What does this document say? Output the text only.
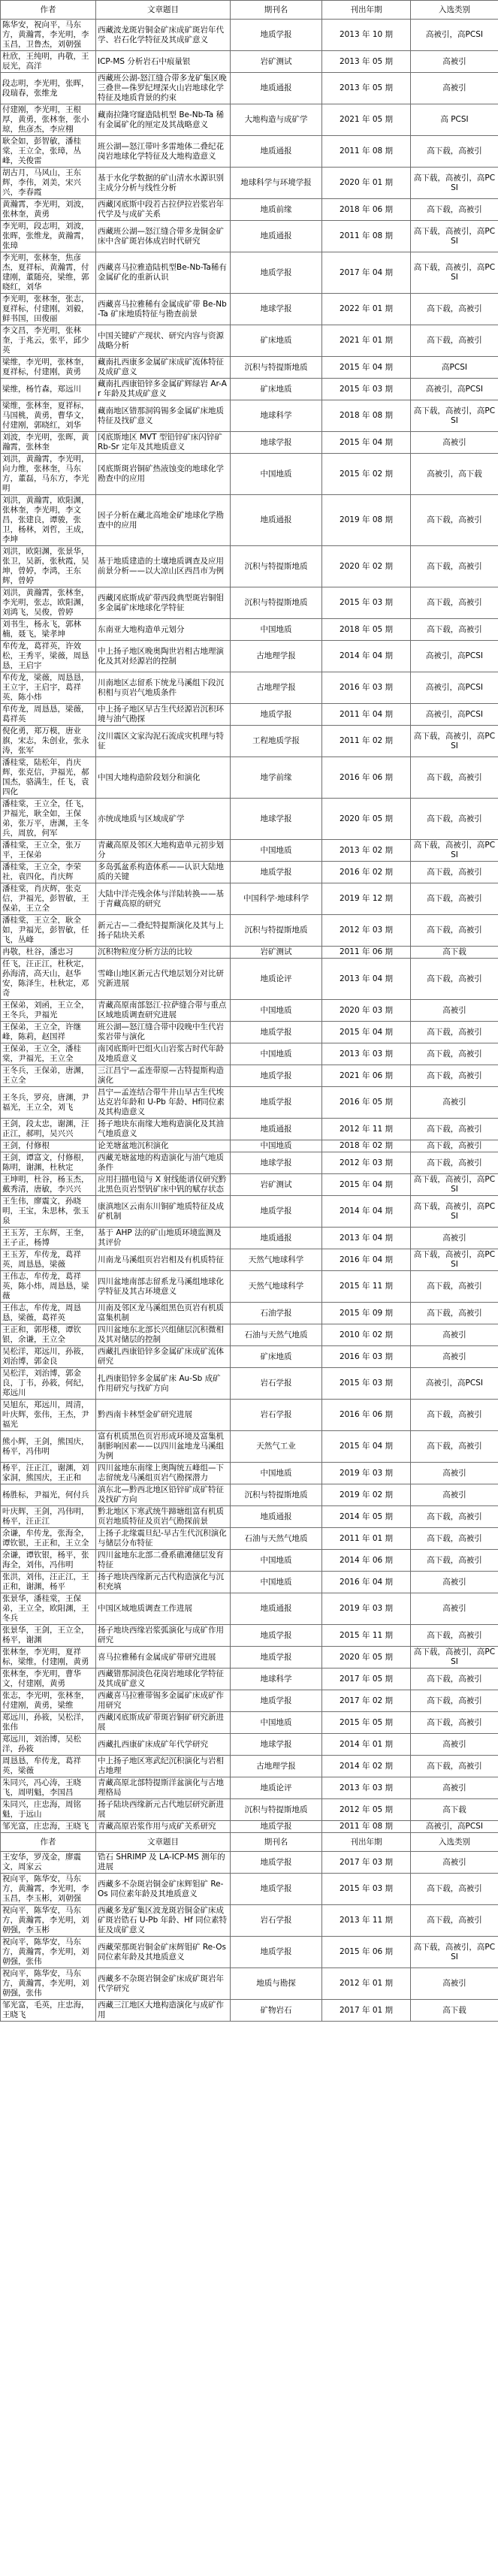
作者	文章题目	期刊名	刊出年期	入选类别
陈华安，祝向平，马东方，黄瀚霄，李光明，李玉昌，卫鲁杰，刘朝强	西藏波龙斑岩铜金矿床成矿斑岩年代学、岩石化学特征及其成矿意义	地质学报	2013 年 10 期	高被引，高PCSI
杜欣，王纯明，冉敬，王辰光，高洋	ICP-MS 分析岩石中痕量银	岩矿测试	2013 年 05 期	高被引
段志明，李光明，张晖，段瑞春，张维龙	西藏班公湖-怒江缝合带多龙矿集区晚三叠世—侏罗纪埋深火山岩地球化学特征及地质背景的约束	地质通报	2013 年 05 期	高被引
付建刚，李光明，王根厚，黄勇，张林奎，张小琼，焦彦杰，李应栩	藏南拉隆穹窿造陆机型 Be-Nb-Ta 稀有金属矿化的厘定及其战略意义	大地构造与成矿学	2021 年 05 期	高 PCSI
耿全如，彭智敏，潘桂棠，王立全，张璋，丛峰，关俊雷	班公湖—怒江带叶多雷地体二叠纪花岗岩地球化学特征及大地构造意义	地质通报	2011 年 08 期	高下载，高被引
胡古月，马风山，王东辉，李伟，刘美，宋兴兴，李春霞	基于水化学数据的矿山清水水源识别主成分分析与线性分析	地球科学与环境学报	2020 年 01 期	高下载，高被引，高PCSI
黄瀚霄，李光明，刘波，张林奎，黄勇	西藏冈底斯中段若古拉伊拉岩浆岩年代学及与成矿关系	地质前缘	2018 年 06 期	高下载，高被引
李光明，段志明，刘波，张晖，张维龙，黄瀚霄，张璋	西藏班公湖—怒江缝合带多龙铜金矿床中含矿斑岩体成岩时代研究	地质通报	2011 年 08 期	高下载，高被引，高PCSI
李光明，张林奎，焦彦杰，夏祥标，黄瀚霄，付建刚，董随亮，梁维，郭晓红，刘华	西藏喜马拉雅造陆机型Be-Nb-Ta稀有金属矿化的重新认识	地质学报	2017 年 04 期	高下载，高被引，高PCSI
李光明，张林奎，张志，夏祥标，付建刚，刘毅，鲜书国，田俊丽	西藏喜马拉雅稀有金属成矿带 Be-Nb-Ta 矿床地质特征与勘查前景	地球学报	2022 年 01 期	高下载，高被引
李文昌，李光明，张林奎，于兆云，张平，邱少英	中国关键矿产现状、研究内容与资源战略分析	矿床地质	2021 年 01 期	高下载，高被引
梁维，李光明，张林奎，夏祥标，付建刚，黄勇	藏南扎西康多金属矿床成矿流体特征及成矿意义	沉积与特提斯地质	2015 年 04 期	高PCSI
梁维，杨竹森，郑远川	藏南扎西康铅锌多金属矿辉绿岩 Ar-Ar 年龄及其成矿意义	矿床地质	2015 年 03 期	高被引，高PCSI
梁维，张林奎，夏祥标，马国桃，黄勇，曹华文，付建刚，郭晓红，刘华	藏南地区错那洞钨锡多金属矿床地质特征及找矿意义	地球科学	2018 年 08 期	高下载，高被引，高PCSI
刘波，李光明，张晖，黄瀚霄，张林奎	冈底斯地区 MVT 型铅锌矿床闪锌矿 Rb-Sr 定年及其地质意义	地球学报	2015 年 04 期	高被引
刘洪，黄瀚霄，李光明，向力维，张林奎，马东方，董磊，马东方，李光明	冈底斯斑岩铜矿热液蚀变的地球化学勘查中的应用	中国地质	2015 年 02 期	高被引，高下载
刘洪，黄瀚霄，欧阳渊，张林奎，李光明，李文昌，张建良，谭骏，张卫，杨林，刘哲，王成，李坤	因子分析在藏北高地金矿地球化学勘查中的应用	地质通报	2019 年 08 期	高下载，高被引
刘洪，欧阳渊，张景华，张卫，吴新，张秋霞，吴坤，曾婷，李鸿，王东辉，曾婷	基于地质建造的土壤地质调查及应用前景分析——以大凉山区西昌市为例	沉积与特提斯地质	2020 年 02 期	高下载，高被引
刘洪，黄瀚霄，张林奎，李光明，张志，欧阳渊，刘鸿飞，吴俊，曾婷	西藏冈底斯成矿带西段典型斑岩铜钼多金属矿床地球化学特征	沉积与特提斯地质	2015 年 03 期	高下载，高被引
刘书生，杨永飞，郭林楠，聂飞，梁孝坤	东南亚大地构造单元划分	中国地质	2018 年 05 期	高下载，高被引
牟传龙，葛祥英，许效松，王秀平，梁薇，周恳恳，王启宇	中上扬子地区晚奥陶世岩相古地理演化及其对烃源岩的控制	古地理学报	2014 年 04 期	高被引，高PCSI
牟传龙，梁薇，周恳恳，王立宇，王启宇，葛祥英，陈小炜	川南地区志留系下统龙马溪组下段沉积相与页岩气地质条件	古地理学报	2016 年 03 期	高被引，高PCSI
牟传龙，周恳恳，梁薇，葛祥英	中上扬子地区早古生代烃源岩沉积环境与油气勘探	地质学报	2011 年 04 期	高被引，高PCSI
倪化勇，郑万模，唐业旗，宋志，朱创业，张永涛，张军	汶川震区文家沟泥石流成灾机理与特征	工程地质学报	2011 年 02 期	高下载，高被引，高PCSI
潘桂棠，陆松年，肖庆辉，张克信，尹福光，郝国杰，骆满生，任飞，袁四化	中国大地构造阶段划分和演化	地学前缘	2016 年 06 期	高下载，高被引
潘桂棠，王立全，任飞，尹福光，耿全如，王保弟，张万平，唐渊，王冬兵，周放，何军	亦统成地质与区域成矿学	地球学报	2020 年 05 期	高下载，高被引
潘桂棠，王立全，张万平，王保弟	青藏高原及邻区大地构造单元初步划分	中国地质	2013 年 02 期	高下载，高被引，高PCSI
潘桂棠，王立全，李荣社，袁四化，肖庆辉	多岛弧盆系构造体系——认识大陆地质的关键	地质学报	2016 年 02 期	高下载，高被引
潘桂棠，肖庆辉，张克信，尹福光，彭智敏，王保弟，王立全	大陆中洋壳残余体与洋陆转换——基于青藏高原的研究	中国科学·地球科学	2019 年 12 期	高下载，高被引
潘桂棠，王立全，耿全如，尹福光，彭智敏，任飞，丛峰	新元古—二叠纪特提斯演化及其与上扬子陆块关系	沉积与特提斯地质	2012 年 03 期	高下载，高被引
冉敬，杜谷，潘忠习	沉积物粒度分析方法的比较	岩矿测试	2011 年 06 期	高下载
任飞，汪正江，杜秋定，孙海清，高天山，赵华安，陈泽生，杜秋定，邓奇	雪峰山地区新元古代地层划分对比研究新进展	地质论评	2013 年 04 期	高下载，高被引
王保弟，刘函，王立全，王冬兵，尹福光	青藏高原南部怒江·拉萨缝合带与重点区域地质调查研究进展	中国地质	2020 年 03 期	高被引
王保弟，王立全，许继峰，陈莉，赵国祥	班公湖—怒江缝合带中段晚中生代岩浆岩带与演化	地质学报	2015 年 04 期	高下载，高被引
王保弟，王立全，潘桂棠，尹福光，王立全	南冈底斯叶巴组火山岩浆古时代年龄及地质意义	中国地质	2013 年 03 期	高下载，高被引
王冬兵，王保弟，唐渊，王立全	三江昌宁—孟连带原—古特提斯构造演化	地质学报	2021 年 06 期	高下载，高被引
王冬兵，罗亮，唐渊，尹福光，王立全，刘飞	昌宁—孟连结合带牛井山早古生代埃达克岩年龄和 U-Pb 年龄、Hf同位素及其构造意义	地质学报	2016 年 05 期	高被引
王剑，段太忠，谢渊，汪正江，郝明，吴兴兴	扬子地块东南缘大地构造演化及其油气地质意义	地质通报	2012 年 11 期	高下载，高被引
王剑，付修根	论羌塘盆地沉积演化	中国地质	2018 年 02 期	高下载，高被引
王剑，谭富文，付修根，陈明，谢渊，杜秋定	西藏羌塘盆地的构造演化与油气地质条件	地球学报	2012 年 03 期	高下载，高被引
王坤明，杜谷，杨玉杰，戴秀清，唐敏，李兴兴	应用扫描电镜与 X 射线能谱仪研究黔北黑色页岩型钒矿床中钒的赋存状态	岩矿测试	2015 年 04 期	高下载，高被引，高PCSI
王生伟，廖震文，孙晓明，王宝，朱思林，张玉泉	康滇地区云南东川铜矿地质特征及成矿机制	地质学报	2014 年 04 期	高下载，高被引，高PCSI
王玉芳，王东辉，王奎，王子正，杨博	基于 AHP 法的矿山地质环境监测及其评价	地质通报	2013 年 04 期	高被引
王玉芳，牟传龙，葛祥英，周恳恳，梁薇	川南龙马溪组页岩岩相及有机质特征	天然气地球科学	2016 年 04 期	高下载，高被引，高PCSI
王伟志，牟传龙，葛祥英，陈小炜，周恳恳，梁薇	四川盆地南部志留系龙马溪组地球化学特征及其古环境意义	天然气地球科学	2015 年 11 期	高下载，高被引
王伟志，牟传龙，周恳恳，梁薇，葛祥英	川南及邻区龙马溪组黑色页岩有机质富集机制	石油学报	2015 年 09 期	高下载，高被引
王正和，郭彤楼，谭钦银，余谦，王立全	四川盆地东北部长兴组储层沉积微相及其对储层的控制	石油与天然气地质	2010 年 02 期	高被引
吴松洋，郑远川，孙筱，刘治博，郭金良	西藏扎西康铅锌多金属矿床成矿流体研究	矿床地质	2016 年 03 期	高被引
吴松洋，刘治博，郭金良，丁韦，孙筱，何纪，郑远川	扎西康铅锌多金属矿床 Au-Sb 成矿作用研究与找矿方向	岩石学报	2015 年 03 期	高被引，高PCSI
吴旭东，郑远川，周清，叶庆辉，张伟，王杰，尹福光	黔西南卡林型金矿研究进展	岩石学报	2016 年 06 期	高下载，高被引
熊小辉，王剑，熊国庆，杨平，冯伟明	富有机质黑色页岩形成环境及富集机制影响因素——以四川盆地龙马溪组为例	天然气工业	2015 年 04 期	高下载，高被引
杨平，汪正江，谢渊，刘家洞，熊国庆，王正和	四川盆地东南缘上奥陶统五峰组—下志留统龙马溪组页岩气勘探潜力	中国地质	2019 年 03 期	高被引
杨胜标，尹福光，何付兵	滇东北—黔西北地区铅锌矿成矿特征及找矿方向	沉积与特提斯地质	2019 年 02 期	高被引
叶庆辉，王剑，冯伟明，杨平，汪正江	黔北地区下寒武统牛蹄塘组富有机质页岩地质特征及页岩气勘探前景	地质通报	2014 年 05 期	高下载，高被引
余谦，牟传龙，张海全，谭钦银，王正和，王立全	上扬子北缘震旦纪-早古生代沉积演化与储层分布特征	石油与天然气地质	2011 年 01 期	高下载，高被引
余谦，谭钦银，杨平，张海全，刘伟，冯伟明	四川盆地东北部二叠系礁滩储层发育特征	中国地质	2014 年 06 期	高下载，高被引
张洪，刘伟，汪正江，王正和，谢渊，杨平	扬子地块西缘新元古代构造演化与沉积充填	中国地质	2016 年 04 期	高被引
张景华，潘桂棠，王保弟，王立全，欧阳渊，王冬兵	中国区域地质调查工作进展	地质通报	2019 年 03 期	高被引
张景华，王剑，王立全，杨平，谢渊	扬子地块西缘岩浆弧演化与成矿作用研究	地质学报	2015 年 11 期	高下载，高被引
张林奎，李光明，夏祥标，梁维，付建刚，黄勇	喜马拉雅稀有金属成矿带研究进展	地质学报	2020 年 05 期	高下载，高被引，高PCSI
张林奎，李光明，曹华文，付建刚，黄勇	西藏错那洞淡色花岗岩地球化学特征及其成矿意义	地球科学	2017 年 05 期	高下载，高被引
张志，李光明，张林奎，付建刚，黄勇，梁维	西藏喜马拉雅带锡多金属矿床成矿作用研究	地质学报	2017 年 02 期	高下载，高被引
郑远川，孙筱，吴松洋，张伟	西藏冈底斯成矿带斑岩铜矿研究新进展	中国地质	2015 年 05 期	高下载，高被引
郑远川，刘治博，吴松洋，孙筱	西藏扎西康矿床成矿年代学研究	地球学报	2014 年 01 期	高被引
周恳恳，牟传龙，葛祥英，梁薇	中上扬子地区寒武纪沉积演化与岩相古地理	古地理学报	2014 年 02 期	高下载，高被引
朱同兴，冯心涛，王晓飞，周明魁，李国昌	青藏高原北部特提斯洋盆演化与古地理格局	地质论评	2013 年 03 期	高被引
朱同兴，庄忠海，周铭魁，于远山	扬子陆块西缘新元古代地层研究新进展	沉积与特提斯地质	2012 年 05 期	高下载
邹光富，庄忠海，王晓飞	青藏高原岩浆作用与成矿关系研究	地质学报	2011 年 08 期	高被引，高PCSI
作者	文章题目	期刊名	刊出年期	入选类别
王安华，罗茂金，廖震文，周家云	锆石 SHRIMP 及 LA-ICP-MS 测年的进展	地质学报	2017 年 03 期	高被引
祝向平，陈华安，马东方，黄瀚霄，李光明，李玉昌，李玉彬，刘朝强	西藏多不杂斑岩铜金矿床辉钼矿 Re-Os 同位素年龄及其地质意义	地质学报	2015 年 03 期	高下载，高被引
祝向平，陈华安，马东方，黄瀚霄，李光明，刘朝强，李玉彬	西藏多龙矿集区波龙斑岩铜金矿床成矿斑岩锆石 U-Pb 年龄、Hf 同位素特征及成矿意义	岩石学报	2013 年 11 期	高下载，高被引
祝向平，陈华安，马东方，黄瀚霄，李光明，刘朝强，张伟	西藏荣那斑岩铜金矿床辉钼矿 Re-Os 同位素年龄及其地质意义	地质学报	2015 年 06 期	高下载，高被引，高PCSI
祝向平，陈华安，马东方，黄瀚霄，李光明，刘朝强，张伟	西藏多不杂斑岩铜金矿床成矿斑岩年代学研究	地质与勘探	2012 年 01 期	高被引
邹光富，毛英，庄忠海，王晓飞	西藏三江地区大地构造演化与成矿作用	矿物岩石	2017 年 01 期	高下载
